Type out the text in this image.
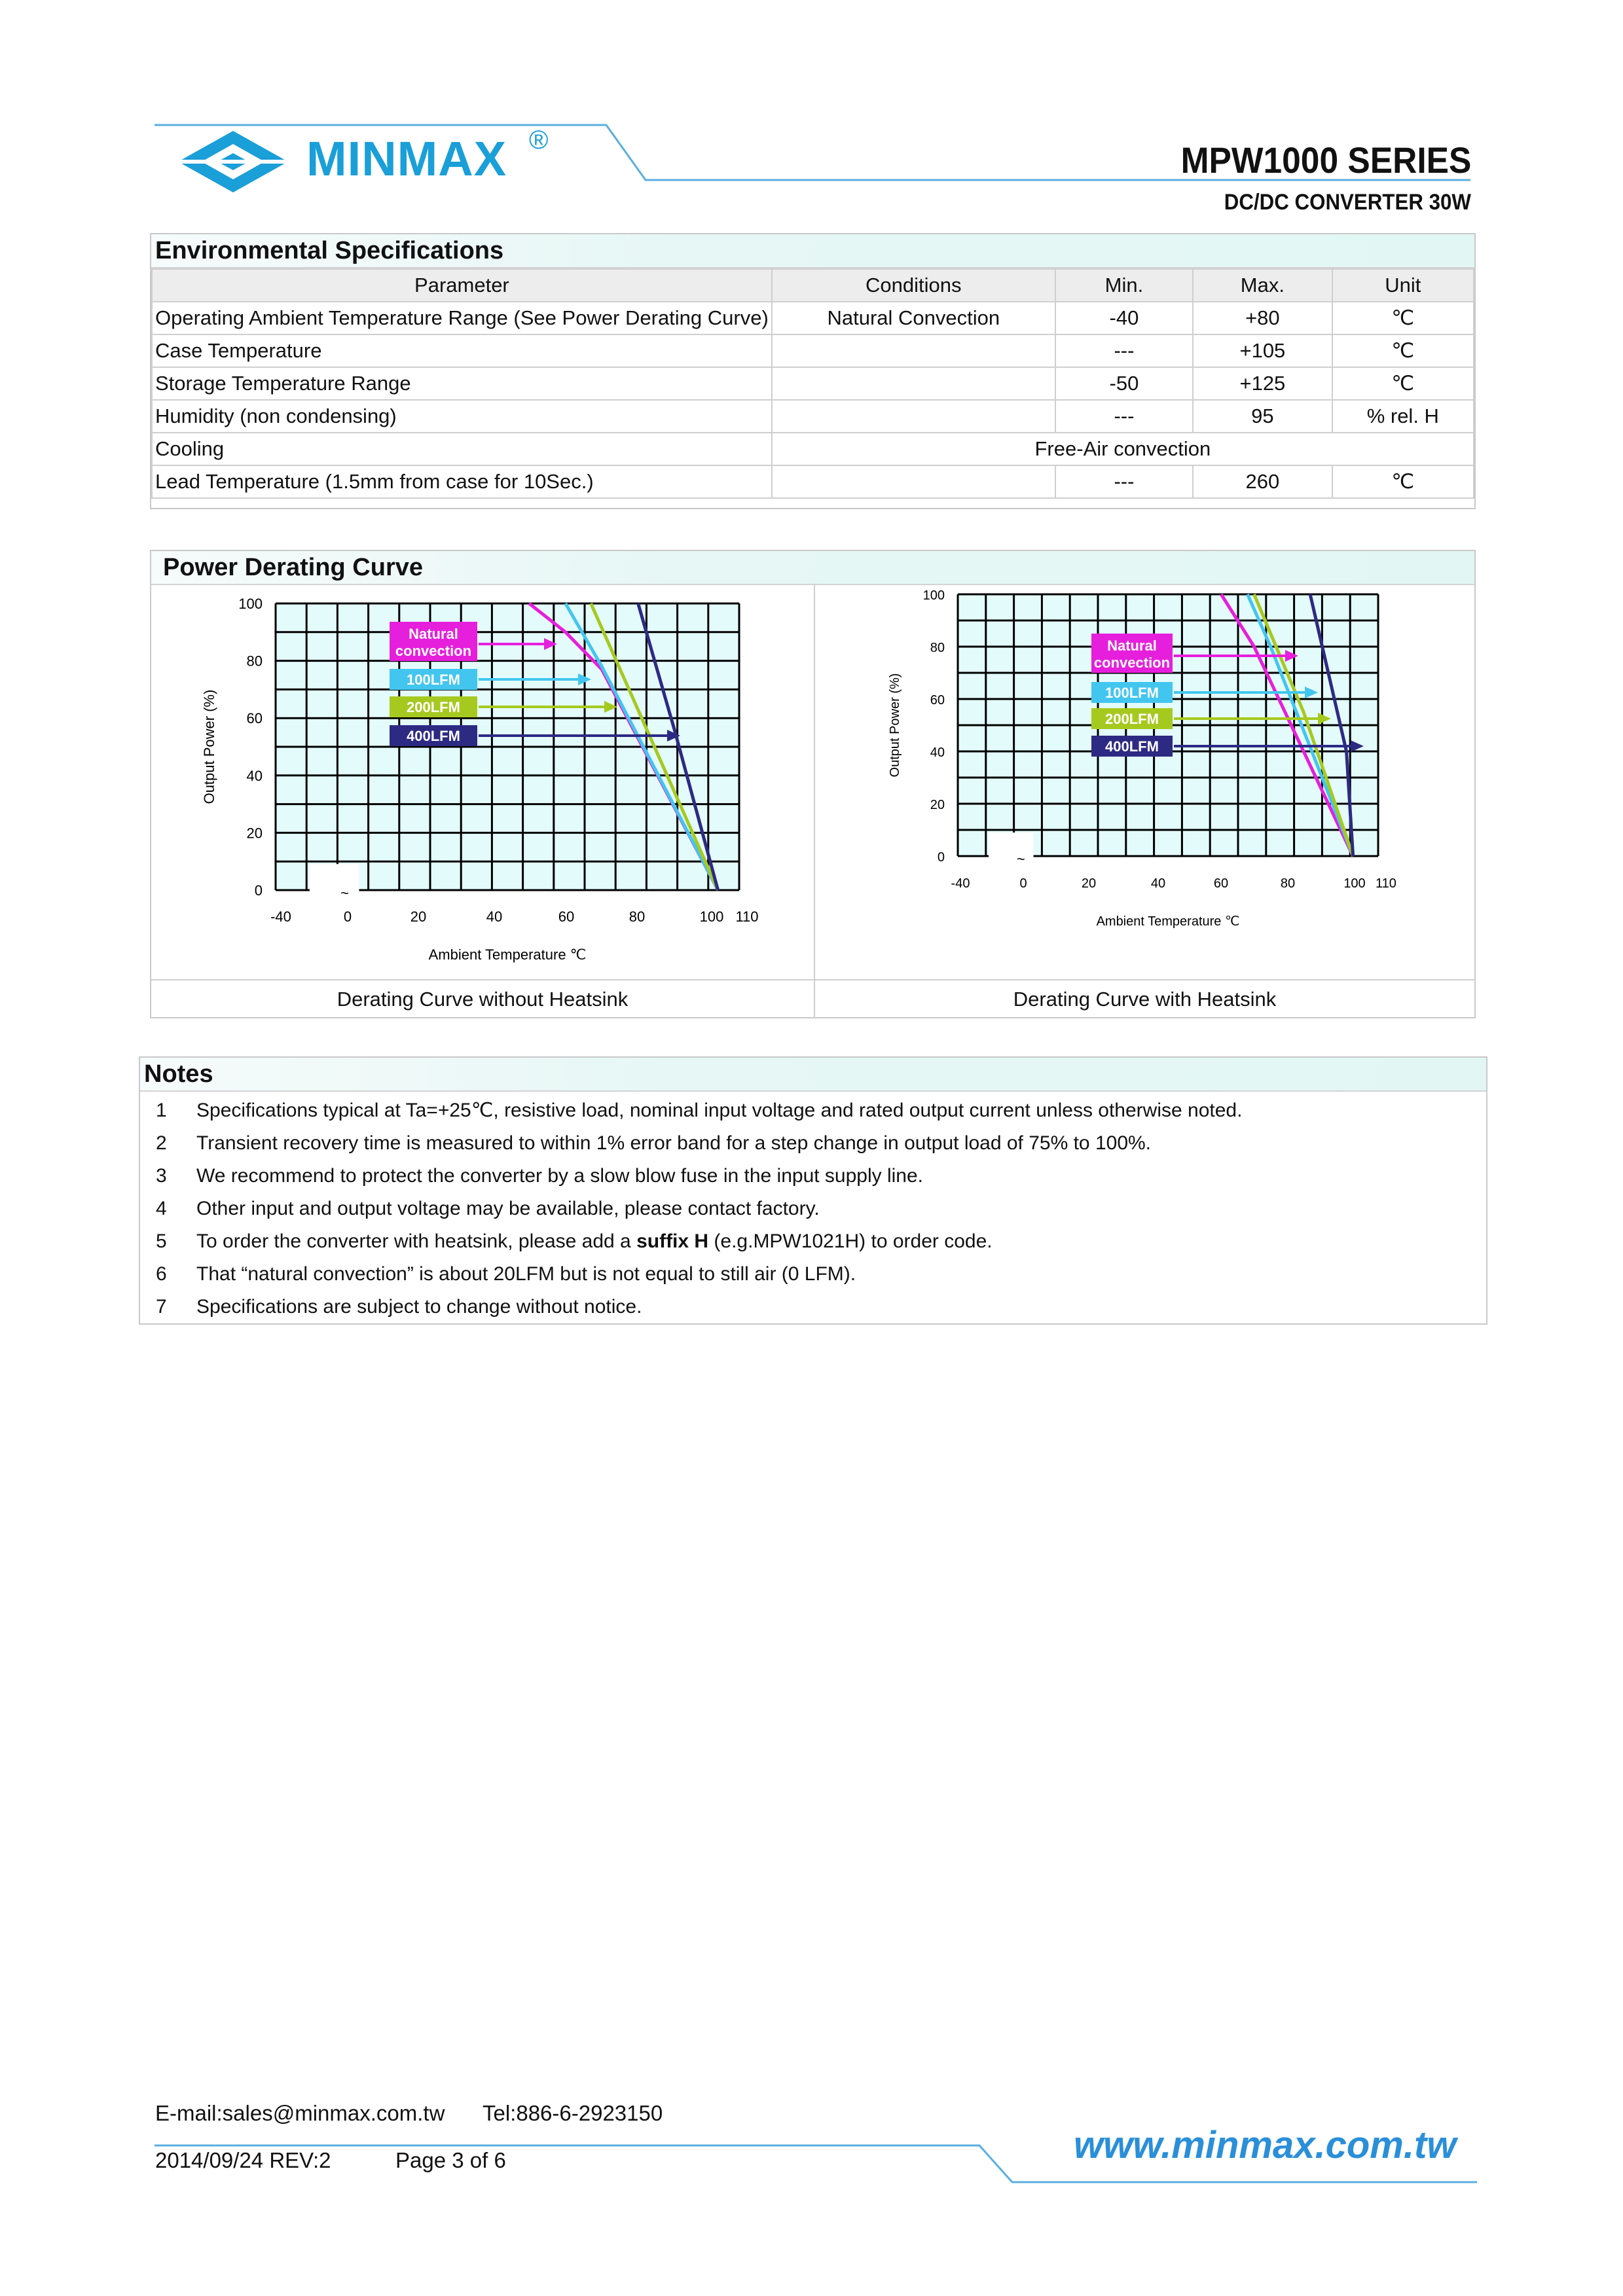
MINMAX ®	MPW1000 SERIES
DC/DC CONVERTER 30W
Environmental Specifications
Parameter	Conditions	Min.	Max.	Unit
Operating Ambient Temperature Range (See Power Derating Curve)	Natural Convection	-40	+80	℃
Case Temperature		---	+105	℃
Storage Temperature Range		-50	+125	℃
Humidity (non condensing)		---	95	% rel. H
Cooling	Free-Air convection			
Lead Temperature (1.5mm from case for 10Sec.)		---	260	℃
Power Derating Curve
~
0
20
40
60
80
100
-40	0	20	40	60	80	100 110
Ambient Temperature ℃
Output Power (%)
Natural
convection
100LFM
200LFM
400LFM
~
0
20
40
60
80
100
-40	0	20	40	60	80	100 110
Ambient Temperature ℃
Output Power (%)
Natural
convection
100LFM
200LFM
400LFM
Derating Curve without Heatsink	Derating Curve with Heatsink
Notes
1 Specifications typical at Ta=+25℃, resistive load, nominal input voltage and rated output current unless otherwise noted.
2 Transient recovery time is measured to within 1% error band for a step change in output load of 75% to 100%.
3 We recommend to protect the converter by a slow blow fuse in the input supply line.
4 Other input and output voltage may be available, please contact factory.
5 To order the converter with heatsink, please add a suffix H (e.g.MPW1021H) to order code.
6 That “natural convection” is about 20LFM but is not equal to still air (0 LFM).
7 Specifications are subject to change without notice.
E-mail:sales@minmax.com.tw Tel:886-6-2923150
2014/09/24 REV:2	Page 3 of 6	www.minmax.com.tw
